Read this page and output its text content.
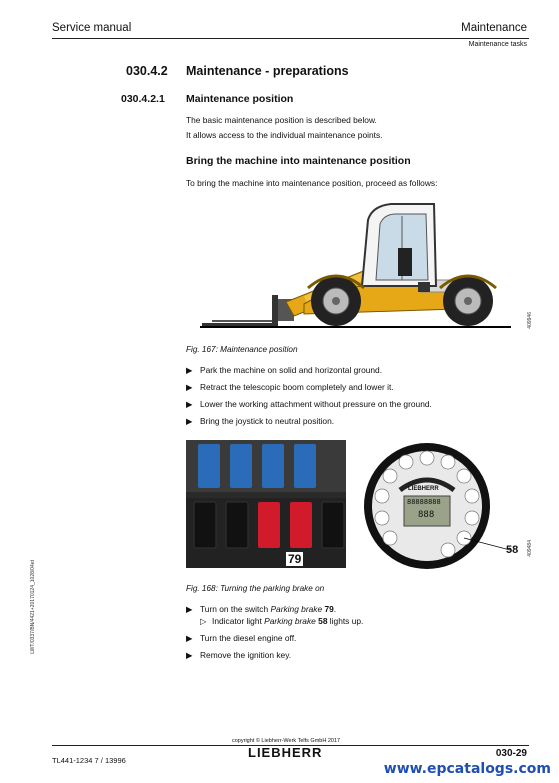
Service manual	Maintenance
Maintenance tasks
030.4.2 Maintenance - preparations
030.4.2.1 Maintenance position
The basic maintenance position is described below.
It allows access to the individual maintenance points.
Bring the machine into maintenance position
To bring the machine into maintenance position, proceed as follows:
409946
Fig. 167: Maintenance position
▶ Park the machine on solid and horizontal ground.
▶ Retract the telescopic boom completely and lower it.
▶ Lower the working attachment without pressure on the ground.
▶ Bring the joystick to neutral position.
79
LIEBHERR
88888888
888
58 409484
Fig. 168: Turning the parking brake on
▶ Turn on the switch Parking brake 79.
▷ Indicator light Parking brake 58 lights up.
▶ Turn the diesel engine off.
▶ Remove the ignition key.
LWT/0337/BN/4421+20170124_1028/04et
copyright © Liebherr-Werk Telfs GmbH 2017
TL441-1234 7 / 13996
LIEBHERR	030-29
www.epcatalogs.com
